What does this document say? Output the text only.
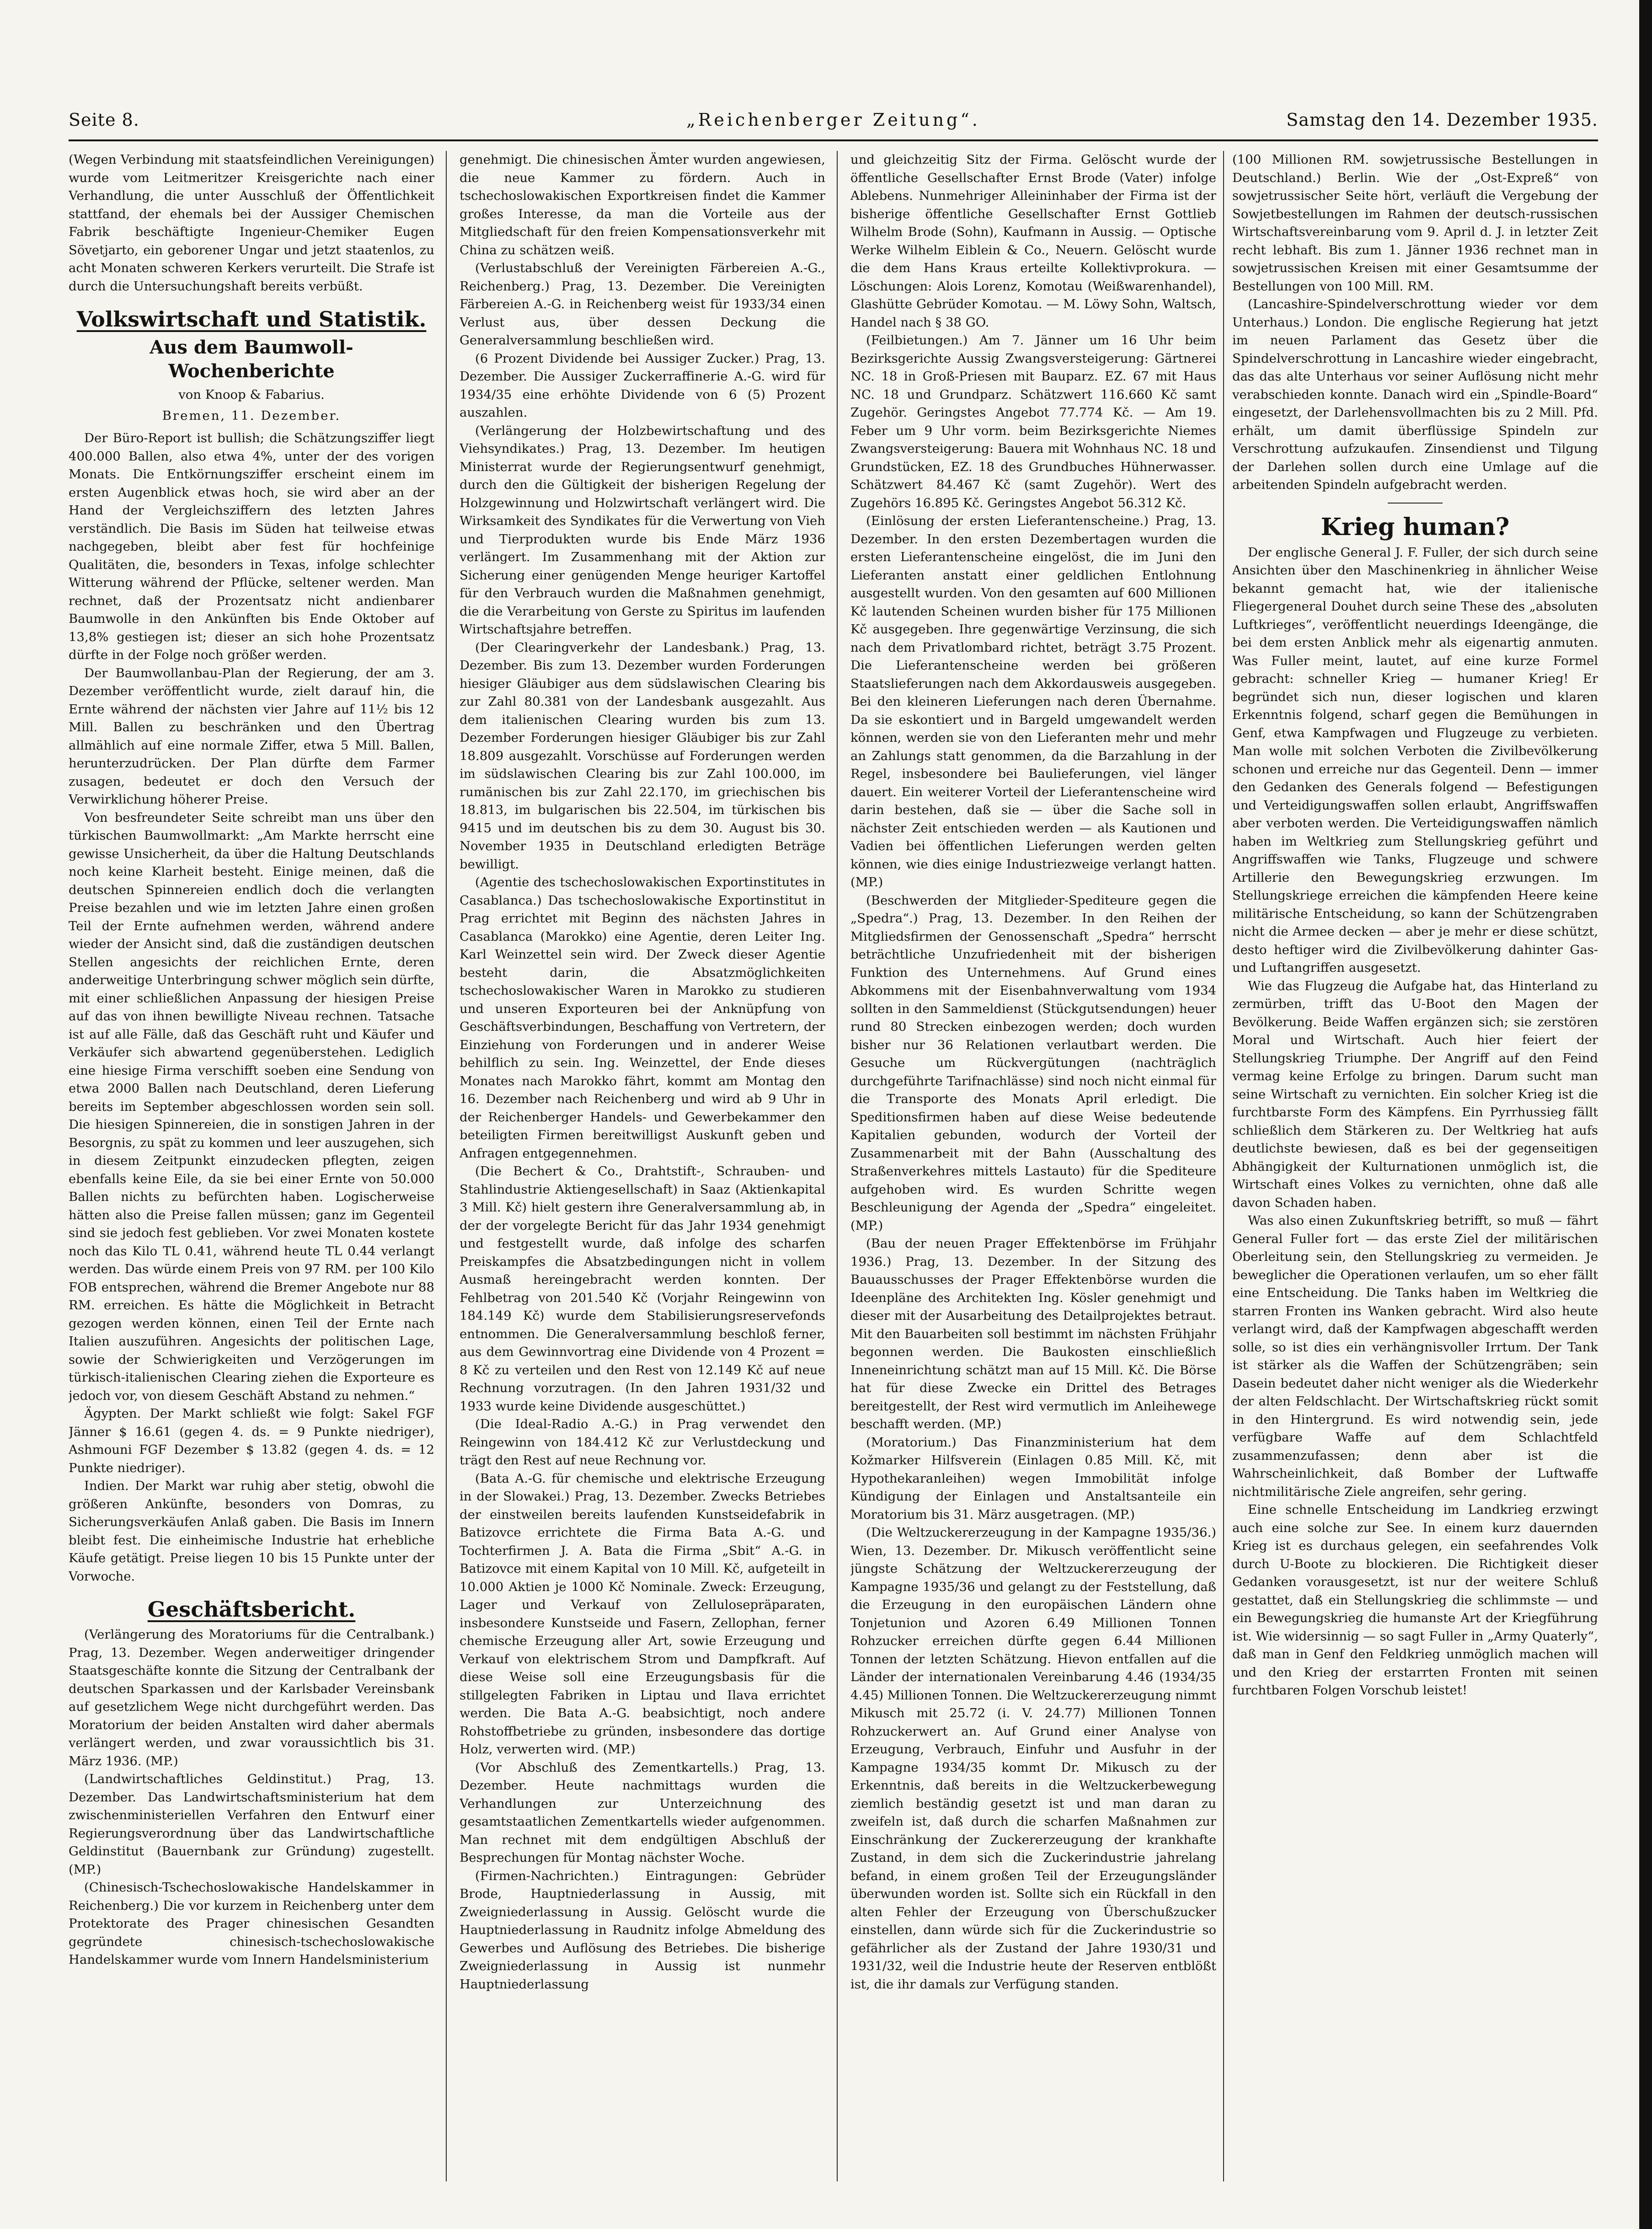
Seite 8.	„Reichenberger Zeitung“.	Samstag den 14. Dezember 1935.

(Wegen Verbindung mit staatsfeindlichen Vereinigungen) wurde vom Leitmeritzer Kreisgerichte nach einer Verhandlung, die unter Ausschluß der Öffentlichkeit stattfand, der ehemals bei der Aussiger Chemischen Fabrik beschäftigte Ingenieur-Chemiker Eugen Sövetjarto, ein geborener Ungar und jetzt staatenlos, zu acht Monaten schweren Kerkers verurteilt. Die Strafe ist durch die Untersuchungshaft bereits verbüßt.

Volkswirtschaft und Statistik.
Aus dem Baumwoll-Wochenberichte
von Knoop & Fabarius.
Bremen, 11. Dezember.

Der Büro-Report ist bullish; die Schätzungsziffer liegt 400.000 Ballen, also etwa 4%, unter der des vorigen Monats. Die Entkörnungsziffer erscheint einem im ersten Augenblick etwas hoch, sie wird aber an der Hand der Vergleichsziffern des letzten Jahres verständlich. Die Basis im Süden hat teilweise etwas nachgegeben, bleibt aber fest für hochfeinige Qualitäten, die, besonders in Texas, infolge schlechter Witterung während der Pflücke, seltener werden. Man rechnet, daß der Prozentsatz nicht andienbarer Baumwolle in den Ankünften bis Ende Oktober auf 13,8% gestiegen ist; dieser an sich hohe Prozentsatz dürfte in der Folge noch größer werden.

Der Baumwollanbau-Plan der Regierung, der am 3. Dezember veröffentlicht wurde, zielt darauf hin, die Ernte während der nächsten vier Jahre auf 11½ bis 12 Mill. Ballen zu beschränken und den Übertrag allmählich auf eine normale Ziffer, etwa 5 Mill. Ballen, herunterzudrücken. Der Plan dürfte dem Farmer zusagen, bedeutet er doch den Versuch der Verwirklichung höherer Preise.

Von besfreundeter Seite schreibt man uns über den türkischen Baumwollmarkt: „Am Markte herrscht eine gewisse Unsicherheit, da über die Haltung Deutschlands noch keine Klarheit besteht. Einige meinen, daß die deutschen Spinnereien endlich doch die verlangten Preise bezahlen und wie im letzten Jahre einen großen Teil der Ernte aufnehmen werden, während andere wieder der Ansicht sind, daß die zuständigen deutschen Stellen angesichts der reichlichen Ernte, deren anderweitige Unterbringung schwer möglich sein dürfte, mit einer schließlichen Anpassung der hiesigen Preise auf das von ihnen bewilligte Niveau rechnen. Tatsache ist auf alle Fälle, daß das Geschäft ruht und Käufer und Verkäufer sich abwartend gegenüberstehen. Lediglich eine hiesige Firma verschifft soeben eine Sendung von etwa 2000 Ballen nach Deutschland, deren Lieferung bereits im September abgeschlossen worden sein soll. Die hiesigen Spinnereien, die in sonstigen Jahren in der Besorgnis, zu spät zu kommen und leer auszugehen, sich in diesem Zeitpunkt einzudecken pflegten, zeigen ebenfalls keine Eile, da sie bei einer Ernte von 50.000 Ballen nichts zu befürchten haben. Logischerweise hätten also die Preise fallen müssen; ganz im Gegenteil sind sie jedoch fest geblieben. Vor zwei Monaten kostete noch das Kilo TL 0.41, während heute TL 0.44 verlangt werden. Das würde einem Preis von 97 RM. per 100 Kilo FOB entsprechen, während die Bremer Angebote nur 88 RM. erreichen. Es hätte die Möglichkeit in Betracht gezogen werden können, einen Teil der Ernte nach Italien auszuführen. Angesichts der politischen Lage, sowie der Schwierigkeiten und Verzögerungen im türkisch-italienischen Clearing ziehen die Exporteure es jedoch vor, von diesem Geschäft Abstand zu nehmen.“

Ägypten. Der Markt schließt wie folgt: Sakel FGF Jänner $ 16.61 (gegen 4. ds. = 9 Punkte niedriger), Ashmouni FGF Dezember $ 13.82 (gegen 4. ds. = 12 Punkte niedriger).

Indien. Der Markt war ruhig aber stetig, obwohl die größeren Ankünfte, besonders von Domras, zu Sicherungsverkäufen Anlaß gaben. Die Basis im Innern bleibt fest. Die einheimische Industrie hat erhebliche Käufe getätigt. Preise liegen 10 bis 15 Punkte unter der Vorwoche.

Geschäftsbericht.

(Verlängerung des Moratoriums für die Centralbank.) Prag, 13. Dezember. Wegen anderweitiger dringender Staatsgeschäfte konnte die Sitzung der Centralbank der deutschen Sparkassen und der Karlsbader Vereinsbank auf gesetzlichem Wege nicht durchgeführt werden. Das Moratorium der beiden Anstalten wird daher abermals verlängert werden, und zwar voraussichtlich bis 31. März 1936. (MP.)

(Landwirtschaftliches Geldinstitut.) Prag, 13. Dezember. Das Landwirtschaftsministerium hat dem zwischenministeriellen Verfahren den Entwurf einer Regierungsverordnung über das Landwirtschaftliche Geldinstitut (Bauernbank zur Gründung) zugestellt. (MP.)

(Chinesisch-Tschechoslowakische Handelskammer in Reichenberg.) Die vor kurzem in Reichenberg unter dem Protektorate des Prager chinesischen Gesandten gegründete chinesisch-tschechoslowakische Handelskammer wurde vom Innern Handelsministerium

genehmigt. Die chinesischen Ämter wurden angewiesen, die neue Kammer zu fördern. Auch in tschechoslowakischen Exportkreisen findet die Kammer großes Interesse, da man die Vorteile aus der Mitgliedschaft für den freien Kompensationsverkehr mit China zu schätzen weiß.

(Verlustabschluß der Vereinigten Färbereien A.-G., Reichenberg.) Prag, 13. Dezember. Die Vereinigten Färbereien A.-G. in Reichenberg weist für 1933/34 einen Verlust aus, über dessen Deckung die Generalversammlung beschließen wird.

(6 Prozent Dividende bei Aussiger Zucker.) Prag, 13. Dezember. Die Aussiger Zuckerraffinerie A.-G. wird für 1934/35 eine erhöhte Dividende von 6 (5) Prozent auszahlen.

(Verlängerung der Holzbewirtschaftung und des Viehsyndikates.) Prag, 13. Dezember. Im heutigen Ministerrat wurde der Regierungsentwurf genehmigt, durch den die Gültigkeit der bisherigen Regelung der Holzgewinnung und Holzwirtschaft verlängert wird. Die Wirksamkeit des Syndikates für die Verwertung von Vieh und Tierprodukten wurde bis Ende März 1936 verlängert. Im Zusammenhang mit der Aktion zur Sicherung einer genügenden Menge heuriger Kartoffel für den Verbrauch wurden die Maßnahmen genehmigt, die die Verarbeitung von Gerste zu Spiritus im laufenden Wirtschaftsjahre betreffen.

(Der Clearingverkehr der Landesbank.) Prag, 13. Dezember. Bis zum 13. Dezember wurden Forderungen hiesiger Gläubiger aus dem südslawischen Clearing bis zur Zahl 80.381 von der Landesbank ausgezahlt. Aus dem italienischen Clearing wurden bis zum 13. Dezember Forderungen hiesiger Gläubiger bis zur Zahl 18.809 ausgezahlt. Vorschüsse auf Forderungen werden im südslawischen Clearing bis zur Zahl 100.000, im rumänischen bis zur Zahl 22.170, im griechischen bis 18.813, im bulgarischen bis 22.504, im türkischen bis 9415 und im deutschen bis zu dem 30. August bis 30. November 1935 in Deutschland erledigten Beträge bewilligt.

(Agentie des tschechoslowakischen Exportinstitutes in Casablanca.) Das tschechoslowakische Exportinstitut in Prag errichtet mit Beginn des nächsten Jahres in Casablanca (Marokko) eine Agentie, deren Leiter Ing. Karl Weinzettel sein wird. Der Zweck dieser Agentie besteht darin, die Absatzmöglichkeiten tschechoslowakischer Waren in Marokko zu studieren und unseren Exporteuren bei der Anknüpfung von Geschäftsverbindungen, Beschaffung von Vertretern, der Einziehung von Forderungen und in anderer Weise behilflich zu sein. Ing. Weinzettel, der Ende dieses Monates nach Marokko fährt, kommt am Montag den 16. Dezember nach Reichenberg und wird ab 9 Uhr in der Reichenberger Handels- und Gewerbekammer den beteiligten Firmen bereitwilligst Auskunft geben und Anfragen entgegennehmen.

(Die Bechert & Co., Drahtstift-, Schrauben- und Stahlindustrie Aktiengesellschaft) in Saaz (Aktienkapital 3 Mill. Kč) hielt gestern ihre Generalversammlung ab, in der der vorgelegte Bericht für das Jahr 1934 genehmigt und festgestellt wurde, daß infolge des scharfen Preiskampfes die Absatzbedingungen nicht in vollem Ausmaß hereingebracht werden konnten. Der Fehlbetrag von 201.540 Kč (Vorjahr Reingewinn von 184.149 Kč) wurde dem Stabilisierungsreservefonds entnommen. Die Generalversammlung beschloß ferner, aus dem Gewinnvortrag eine Dividende von 4 Prozent = 8 Kč zu verteilen und den Rest von 12.149 Kč auf neue Rechnung vorzutragen. (In den Jahren 1931/32 und 1933 wurde keine Dividende ausgeschüttet.)

(Die Ideal-Radio A.-G.) in Prag verwendet den Reingewinn von 184.412 Kč zur Verlustdeckung und trägt den Rest auf neue Rechnung vor.

(Bata A.-G. für chemische und elektrische Erzeugung in der Slowakei.) Prag, 13. Dezember. Zwecks Betriebes der einstweilen bereits laufenden Kunstseidefabrik in Batizovce errichtete die Firma Bata A.-G. und Tochterfirmen J. A. Bata die Firma „Sbit“ A.-G. in Batizovce mit einem Kapital von 10 Mill. Kč, aufgeteilt in 10.000 Aktien je 1000 Kč Nominale. Zweck: Erzeugung, Lager und Verkauf von Zellulosepräparaten, insbesondere Kunstseide und Fasern, Zellophan, ferner chemische Erzeugung aller Art, sowie Erzeugung und Verkauf von elektrischem Strom und Dampfkraft. Auf diese Weise soll eine Erzeugungsbasis für die stillgelegten Fabriken in Liptau und Ilava errichtet werden. Die Bata A.-G. beabsichtigt, noch andere Rohstoffbetriebe zu gründen, insbesondere das dortige Holz, verwerten wird. (MP.)

(Vor Abschluß des Zementkartells.) Prag, 13. Dezember. Heute nachmittags wurden die Verhandlungen zur Unterzeichnung des gesamtstaatlichen Zementkartells wieder aufgenommen. Man rechnet mit dem endgültigen Abschluß der Besprechungen für Montag nächster Woche.

(Firmen-Nachrichten.) Eintragungen: Gebrüder Brode, Hauptniederlassung in Aussig, mit Zweigniederlassung in Aussig. Gelöscht wurde die Hauptniederlassung in Raudnitz infolge Abmeldung des Gewerbes und Auflösung des Betriebes. Die bisherige Zweigniederlassung in Aussig ist nunmehr Hauptniederlassung

und gleichzeitig Sitz der Firma. Gelöscht wurde der öffentliche Gesellschafter Ernst Brode (Vater) infolge Ablebens. Nunmehriger Alleininhaber der Firma ist der bisherige öffentliche Gesellschafter Ernst Gottlieb Wilhelm Brode (Sohn), Kaufmann in Aussig. — Optische Werke Wilhelm Eiblein & Co., Neuern. Gelöscht wurde die dem Hans Kraus erteilte Kollektivprokura. — Löschungen: Alois Lorenz, Komotau (Weißwarenhandel), Glashütte Gebrüder Komotau. — M. Löwy Sohn, Waltsch, Handel nach § 38 GO.

(Feilbietungen.) Am 7. Jänner um 16 Uhr beim Bezirksgerichte Aussig Zwangsversteigerung: Gärtnerei NC. 18 in Groß-Priesen mit Bauparz. EZ. 67 mit Haus NC. 18 und Grundparz. Schätzwert 116.660 Kč samt Zugehör. Geringstes Angebot 77.774 Kč. — Am 19. Feber um 9 Uhr vorm. beim Bezirksgerichte Niemes Zwangsversteigerung: Bauera mit Wohnhaus NC. 18 und Grundstücken, EZ. 18 des Grundbuches Hühnerwasser. Schätzwert 84.467 Kč (samt Zugehör). Wert des Zugehörs 16.895 Kč. Geringstes Angebot 56.312 Kč.

(Einlösung der ersten Lieferantenscheine.) Prag, 13. Dezember. In den ersten Dezembertagen wurden die ersten Lieferantenscheine eingelöst, die im Juni den Lieferanten anstatt einer geldlichen Entlohnung ausgestellt wurden. Von den gesamten auf 600 Millionen Kč lautenden Scheinen wurden bisher für 175 Millionen Kč ausgegeben. Ihre gegenwärtige Verzinsung, die sich nach dem Privatlombard richtet, beträgt 3.75 Prozent. Die Lieferantenscheine werden bei größeren Staatslieferungen nach dem Akkordausweis ausgegeben. Bei den kleineren Lieferungen nach deren Übernahme. Da sie eskontiert und in Bargeld umgewandelt werden können, werden sie von den Lieferanten mehr und mehr an Zahlungs statt genommen, da die Barzahlung in der Regel, insbesondere bei Baulieferungen, viel länger dauert. Ein weiterer Vorteil der Lieferantenscheine wird darin bestehen, daß sie — über die Sache soll in nächster Zeit entschieden werden — als Kautionen und Vadien bei öffentlichen Lieferungen werden gelten können, wie dies einige Industriezweige verlangt hatten. (MP.)

(Beschwerden der Mitglieder-Spediteure gegen die „Spedra“.) Prag, 13. Dezember. In den Reihen der Mitgliedsfirmen der Genossenschaft „Spedra“ herrscht beträchtliche Unzufriedenheit mit der bisherigen Funktion des Unternehmens. Auf Grund eines Abkommens mit der Eisenbahnverwaltung vom 1934 sollten in den Sammeldienst (Stückgutsendungen) heuer rund 80 Strecken einbezogen werden; doch wurden bisher nur 36 Relationen verlautbart werden. Die Gesuche um Rückvergütungen (nachträglich durchgeführte Tarifnachlässe) sind noch nicht einmal für die Transporte des Monats April erledigt. Die Speditionsfirmen haben auf diese Weise bedeutende Kapitalien gebunden, wodurch der Vorteil der Zusammenarbeit mit der Bahn (Ausschaltung des Straßenverkehres mittels Lastauto) für die Spediteure aufgehoben wird. Es wurden Schritte wegen Beschleunigung der Agenda der „Spedra“ eingeleitet. (MP.)

(Bau der neuen Prager Effektenbörse im Frühjahr 1936.) Prag, 13. Dezember. In der Sitzung des Bauausschusses der Prager Effektenbörse wurden die Ideenpläne des Architekten Ing. Kösler genehmigt und dieser mit der Ausarbeitung des Detailprojektes betraut. Mit den Bauarbeiten soll bestimmt im nächsten Frühjahr begonnen werden. Die Baukosten einschließlich Inneneinrichtung schätzt man auf 15 Mill. Kč. Die Börse hat für diese Zwecke ein Drittel des Betrages bereitgestellt, der Rest wird vermutlich im Anleihewege beschafft werden. (MP.)

(Moratorium.) Das Finanzministerium hat dem Kožmarker Hilfsverein (Einlagen 0.85 Mill. Kč, mit Hypothekaranleihen) wegen Immobilität infolge Kündigung der Einlagen und Anstaltsanteile ein Moratorium bis 31. März ausgetragen. (MP.)

(Die Weltzuckererzeugung in der Kampagne 1935/36.) Wien, 13. Dezember. Dr. Mikusch veröffentlicht seine jüngste Schätzung der Weltzuckererzeugung der Kampagne 1935/36 und gelangt zu der Feststellung, daß die Erzeugung in den europäischen Ländern ohne Tonjetunion und Azoren 6.49 Millionen Tonnen Rohzucker erreichen dürfte gegen 6.44 Millionen Tonnen der letzten Schätzung. Hievon entfallen auf die Länder der internationalen Vereinbarung 4.46 (1934/35 4.45) Millionen Tonnen. Die Weltzuckererzeugung nimmt Mikusch mit 25.72 (i. V. 24.77) Millionen Tonnen Rohzuckerwert an. Auf Grund einer Analyse von Erzeugung, Verbrauch, Einfuhr und Ausfuhr in der Kampagne 1934/35 kommt Dr. Mikusch zu der Erkenntnis, daß bereits in die Weltzuckerbewegung ziemlich beständig gesetzt ist und man daran zu zweifeln ist, daß durch die scharfen Maßnahmen zur Einschränkung der Zuckererzeugung der krankhafte Zustand, in dem sich die Zuckerindustrie jahrelang befand, in einem großen Teil der Erzeugungsländer überwunden worden ist. Sollte sich ein Rückfall in den alten Fehler der Erzeugung von Überschußzucker einstellen, dann würde sich für die Zuckerindustrie so gefährlicher als der Zustand der Jahre 1930/31 und 1931/32, weil die Industrie heute der Reserven entblößt ist, die ihr damals zur Verfügung standen.

(100 Millionen RM. sowjetrussische Bestellungen in Deutschland.) Berlin. Wie der „Ost-Expreß“ von sowjetrussischer Seite hört, verläuft die Vergebung der Sowjetbestellungen im Rahmen der deutsch-russischen Wirtschaftsvereinbarung vom 9. April d. J. in letzter Zeit recht lebhaft. Bis zum 1. Jänner 1936 rechnet man in sowjetrussischen Kreisen mit einer Gesamtsumme der Bestellungen von 100 Mill. RM.

(Lancashire-Spindelverschrottung wieder vor dem Unterhaus.) London. Die englische Regierung hat jetzt im neuen Parlament das Gesetz über die Spindelverschrottung in Lancashire wieder eingebracht, das das alte Unterhaus vor seiner Auflösung nicht mehr verabschieden konnte. Danach wird ein „Spindle-Board“ eingesetzt, der Darlehensvollmachten bis zu 2 Mill. Pfd. erhält, um damit überflüssige Spindeln zur Verschrottung aufzukaufen. Zinsendienst und Tilgung der Darlehen sollen durch eine Umlage auf die arbeitenden Spindeln aufgebracht werden.

Krieg human?

Der englische General J. F. Fuller, der sich durch seine Ansichten über den Maschinenkrieg in ähnlicher Weise bekannt gemacht hat, wie der italienische Fliegergeneral Douhet durch seine These des „absoluten Luftkrieges“, veröffentlicht neuerdings Ideengänge, die bei dem ersten Anblick mehr als eigenartig anmuten. Was Fuller meint, lautet, auf eine kurze Formel gebracht: schneller Krieg — humaner Krieg! Er begründet sich nun, dieser logischen und klaren Erkenntnis folgend, scharf gegen die Bemühungen in Genf, etwa Kampfwagen und Flugzeuge zu verbieten. Man wolle mit solchen Verboten die Zivilbevölkerung schonen und erreiche nur das Gegenteil. Denn — immer den Gedanken des Generals folgend — Befestigungen und Verteidigungswaffen sollen erlaubt, Angriffswaffen aber verboten werden. Die Verteidigungswaffen nämlich haben im Weltkrieg zum Stellungskrieg geführt und Angriffswaffen wie Tanks, Flugzeuge und schwere Artillerie den Bewegungskrieg erzwungen. Im Stellungskriege erreichen die kämpfenden Heere keine militärische Entscheidung, so kann der Schützengraben nicht die Armee decken — aber je mehr er diese schützt, desto heftiger wird die Zivilbevölkerung dahinter Gas- und Luftangriffen ausgesetzt.

Wie das Flugzeug die Aufgabe hat, das Hinterland zu zermürben, trifft das U-Boot den Magen der Bevölkerung. Beide Waffen ergänzen sich; sie zerstören Moral und Wirtschaft. Auch hier feiert der Stellungskrieg Triumphe. Der Angriff auf den Feind vermag keine Erfolge zu bringen. Darum sucht man seine Wirtschaft zu vernichten. Ein solcher Krieg ist die furchtbarste Form des Kämpfens. Ein Pyrrhussieg fällt schließlich dem Stärkeren zu. Der Weltkrieg hat aufs deutlichste bewiesen, daß es bei der gegenseitigen Abhängigkeit der Kulturnationen unmöglich ist, die Wirtschaft eines Volkes zu vernichten, ohne daß alle davon Schaden haben.

Was also einen Zukunftskrieg betrifft, so muß — fährt General Fuller fort — das erste Ziel der militärischen Oberleitung sein, den Stellungskrieg zu vermeiden. Je beweglicher die Operationen verlaufen, um so eher fällt eine Entscheidung. Die Tanks haben im Weltkrieg die starren Fronten ins Wanken gebracht. Wird also heute verlangt wird, daß der Kampfwagen abgeschafft werden solle, so ist dies ein verhängnisvoller Irrtum. Der Tank ist stärker als die Waffen der Schützengräben; sein Dasein bedeutet daher nicht weniger als die Wiederkehr der alten Feldschlacht. Der Wirtschaftskrieg rückt somit in den Hintergrund. Es wird notwendig sein, jede verfügbare Waffe auf dem Schlachtfeld zusammenzufassen; denn aber ist die Wahrscheinlichkeit, daß Bomber der Luftwaffe nichtmilitärische Ziele angreifen, sehr gering.

Eine schnelle Entscheidung im Landkrieg erzwingt auch eine solche zur See. In einem kurz dauernden Krieg ist es durchaus gelegen, ein seefahrendes Volk durch U-Boote zu blockieren. Die Richtigkeit dieser Gedanken vorausgesetzt, ist nur der weitere Schluß gestattet, daß ein Stellungskrieg die schlimmste — und ein Bewegungskrieg die humanste Art der Kriegführung ist. Wie widersinnig — so sagt Fuller in „Army Quaterly“, daß man in Genf den Feldkrieg unmöglich machen will und den Krieg der erstarrten Fronten mit seinen furchtbaren Folgen Vorschub leistet!
